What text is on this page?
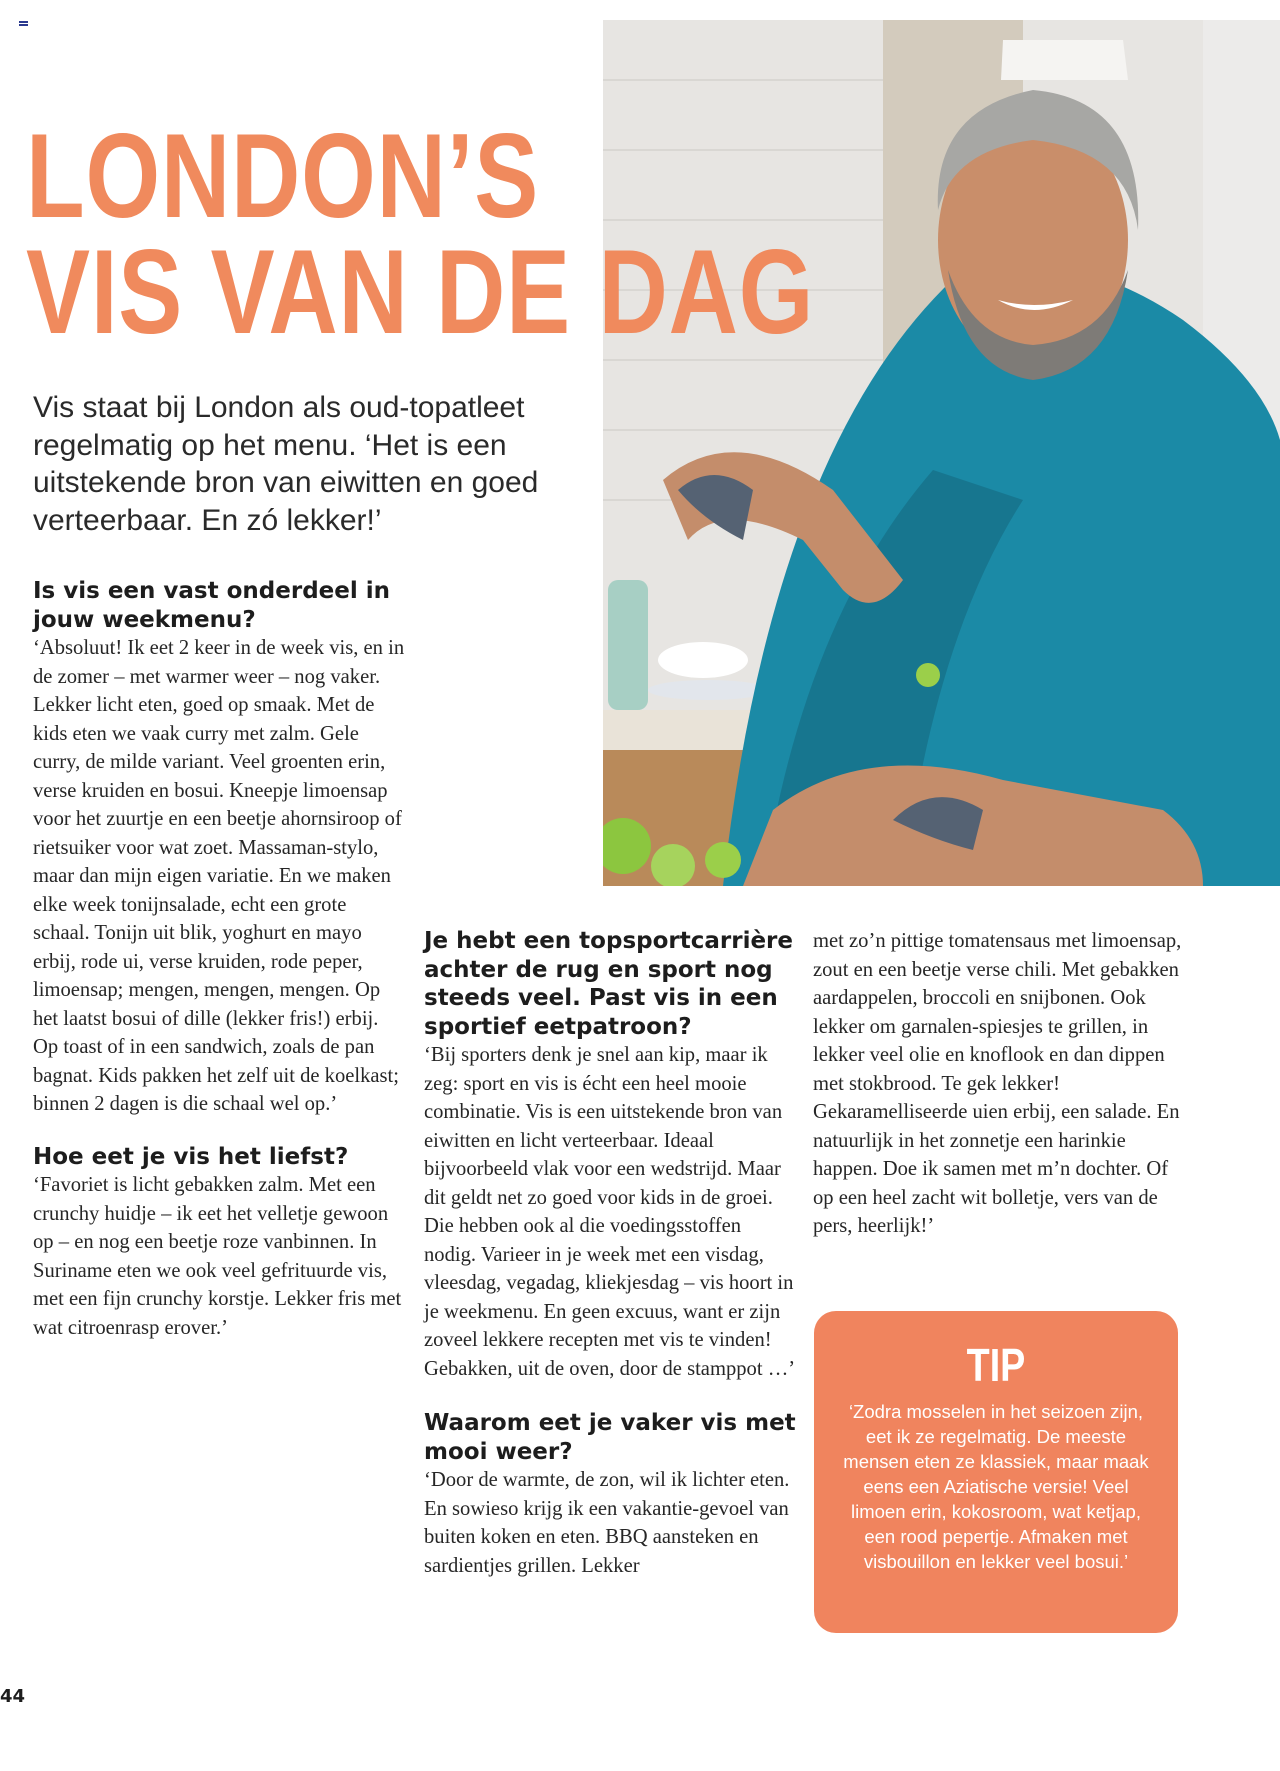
LONDON’S
VIS VAN DE DAG

Vis staat bij London als oud-topatleet regelmatig op het menu. ‘Het is een uitstekende bron van eiwitten en goed verteerbaar. En zó lekker!’

Is vis een vast onderdeel in jouw weekmenu?

‘Absoluut! Ik eet 2 keer in de week vis, en in de zomer – met warmer weer – nog vaker. Lekker licht eten, goed op smaak. Met de kids eten we vaak curry met zalm. Gele curry, de milde variant. Veel groenten erin, verse kruiden en bosui. Kneepje limoensap voor het zuurtje en een beetje ahornsiroop of rietsuiker voor wat zoet. Massaman-stylo, maar dan mijn eigen variatie. En we maken elke week tonijnsalade, echt een grote schaal. Tonijn uit blik, yoghurt en mayo erbij, rode ui, verse kruiden, rode peper, limoensap; mengen, mengen, mengen. Op het laatst bosui of dille (lekker fris!) erbij. Op toast of in een sandwich, zoals de pan bagnat. Kids pakken het zelf uit de koelkast; binnen 2 dagen is die schaal wel op.’

Hoe eet je vis het liefst?

‘Favoriet is licht gebakken zalm. Met een crunchy huidje – ik eet het velletje gewoon op – en nog een beetje roze vanbinnen. In Suriname eten we ook veel gefrituurde vis, met een fijn crunchy korstje. Lekker fris met wat citroenrasp erover.’

Je hebt een topsportcarrière achter de rug en sport nog steeds veel. Past vis in een sportief eetpatroon?

‘Bij sporters denk je snel aan kip, maar ik zeg: sport en vis is écht een heel mooie combinatie. Vis is een uitstekende bron van eiwitten en licht verteerbaar. Ideaal bijvoorbeeld vlak voor een wedstrijd. Maar dit geldt net zo goed voor kids in de groei. Die hebben ook al die voedingsstoffen nodig. Varieer in je week met een visdag, vleesdag, vegadag, kliekjesdag – vis hoort in je weekmenu. En geen excuus, want er zijn zoveel lekkere recepten met vis te vinden! Gebakken, uit de oven, door de stamppot …’

Waarom eet je vaker vis met mooi weer?

‘Door de warmte, de zon, wil ik lichter eten. En sowieso krijg ik een vakantie-gevoel van buiten koken en eten. BBQ aansteken en sardientjes grillen. Lekker

met zo’n pittige tomatensaus met limoensap, zout en een beetje verse chili. Met gebakken aardappelen, broccoli en snijbonen. Ook lekker om garnalen-spiesjes te grillen, in lekker veel olie en knoflook en dan dippen met stokbrood. Te gek lekker! Gekaramelliseerde uien erbij, een salade. En natuurlijk in het zonnetje een harinkie happen. Doe ik samen met m’n dochter. Of op een heel zacht wit bolletje, vers van de pers, heerlijk!’

TIP
‘Zodra mosselen in het seizoen zijn, eet ik ze regelmatig. De meeste mensen eten ze klassiek, maar maak eens een Aziatische versie! Veel limoen erin, kokosroom, wat ketjap, een rood pepertje. Afmaken met visbouillon en lekker veel bosui.’
44
